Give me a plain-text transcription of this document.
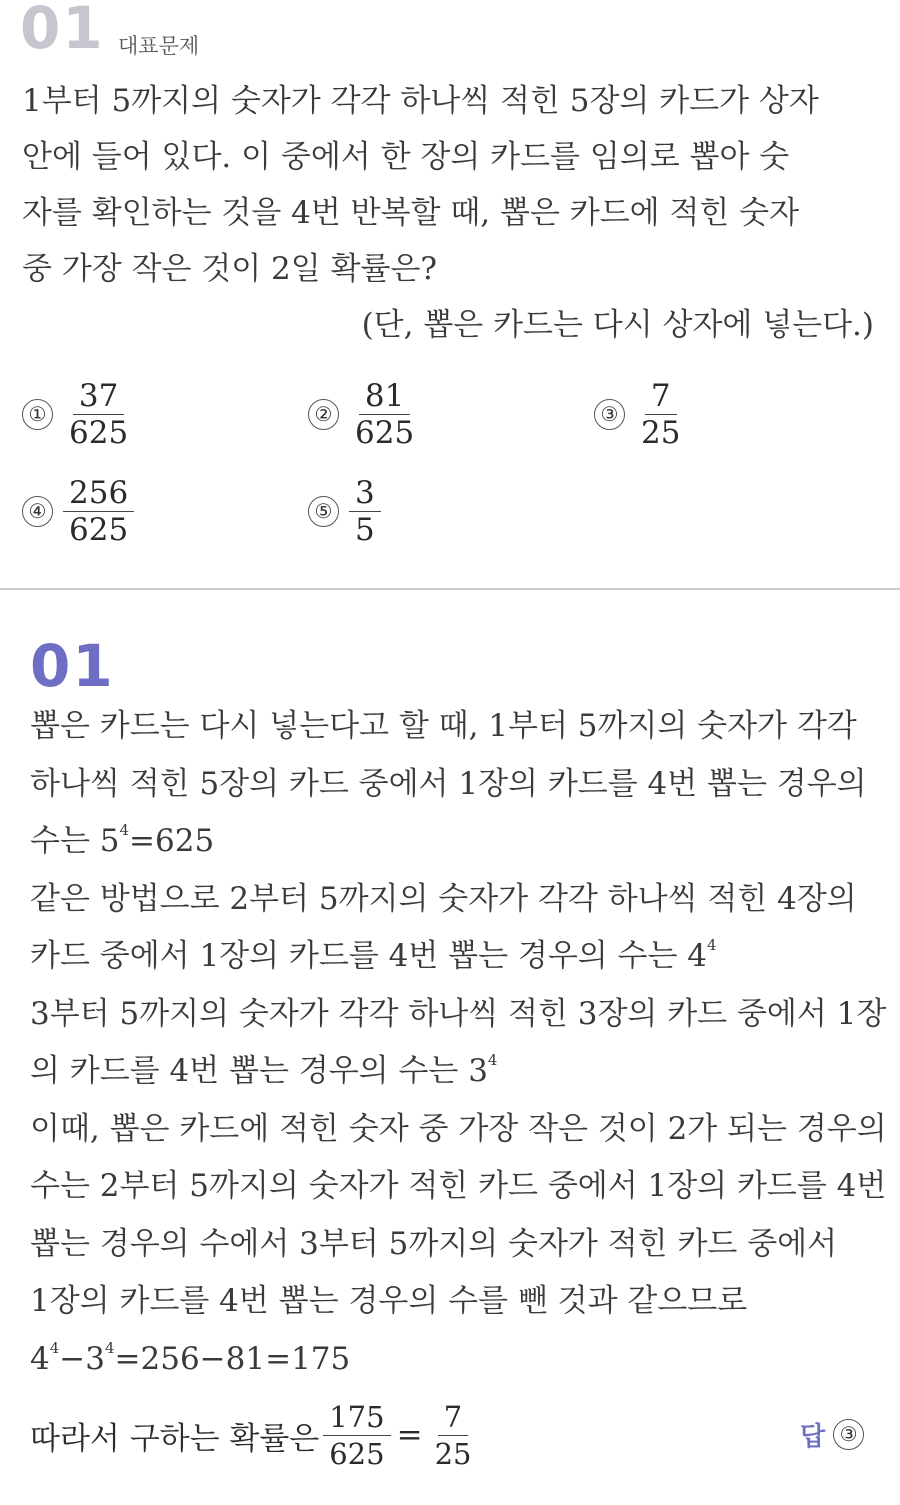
01 대표문제

1부터 5까지의 숫자가 각각 하나씩 적힌 5장의 카드가 상자

안에 들어 있다. 이 중에서 한 장의 카드를 임의로 뽑아 숫

자를 확인하는 것을 4번 반복할 때, 뽑은 카드에 적힌 숫자

중 가장 작은 것이 2일 확률은?

(단, 뽑은 카드는 다시 상자에 넣는다.)

① $\frac{37}{625}$	② $\frac{81}{625}$	③ $\frac{7}{25}$
④ $\frac{256}{625}$	⑤ $\frac{3}{5}$
01

뽑은 카드는 다시 넣는다고 할 때, 1부터 5까지의 숫자가 각각

하나씩 적힌 5장의 카드 중에서 1장의 카드를 4번 뽑는 경우의

수는 $5^4=625$

같은 방법으로 2부터 5까지의 숫자가 각각 하나씩 적힌 4장의

카드 중에서 1장의 카드를 4번 뽑는 경우의 수는 $4^4$

3부터 5까지의 숫자가 각각 하나씩 적힌 3장의 카드 중에서 1장

의 카드를 4번 뽑는 경우의 수는 $3^4$

이때, 뽑은 카드에 적힌 숫자 중 가장 작은 것이 2가 되는 경우의

수는 2부터 5까지의 숫자가 적힌 카드 중에서 1장의 카드를 4번

뽑는 경우의 수에서 3부터 5까지의 숫자가 적힌 카드 중에서

1장의 카드를 4번 뽑는 경우의 수를 뺀 것과 같으므로

$4^4-3^4=256-81=175$

따라서 구하는 확률은 $\frac{175}{625} = \frac{7}{25}$	답 ③
